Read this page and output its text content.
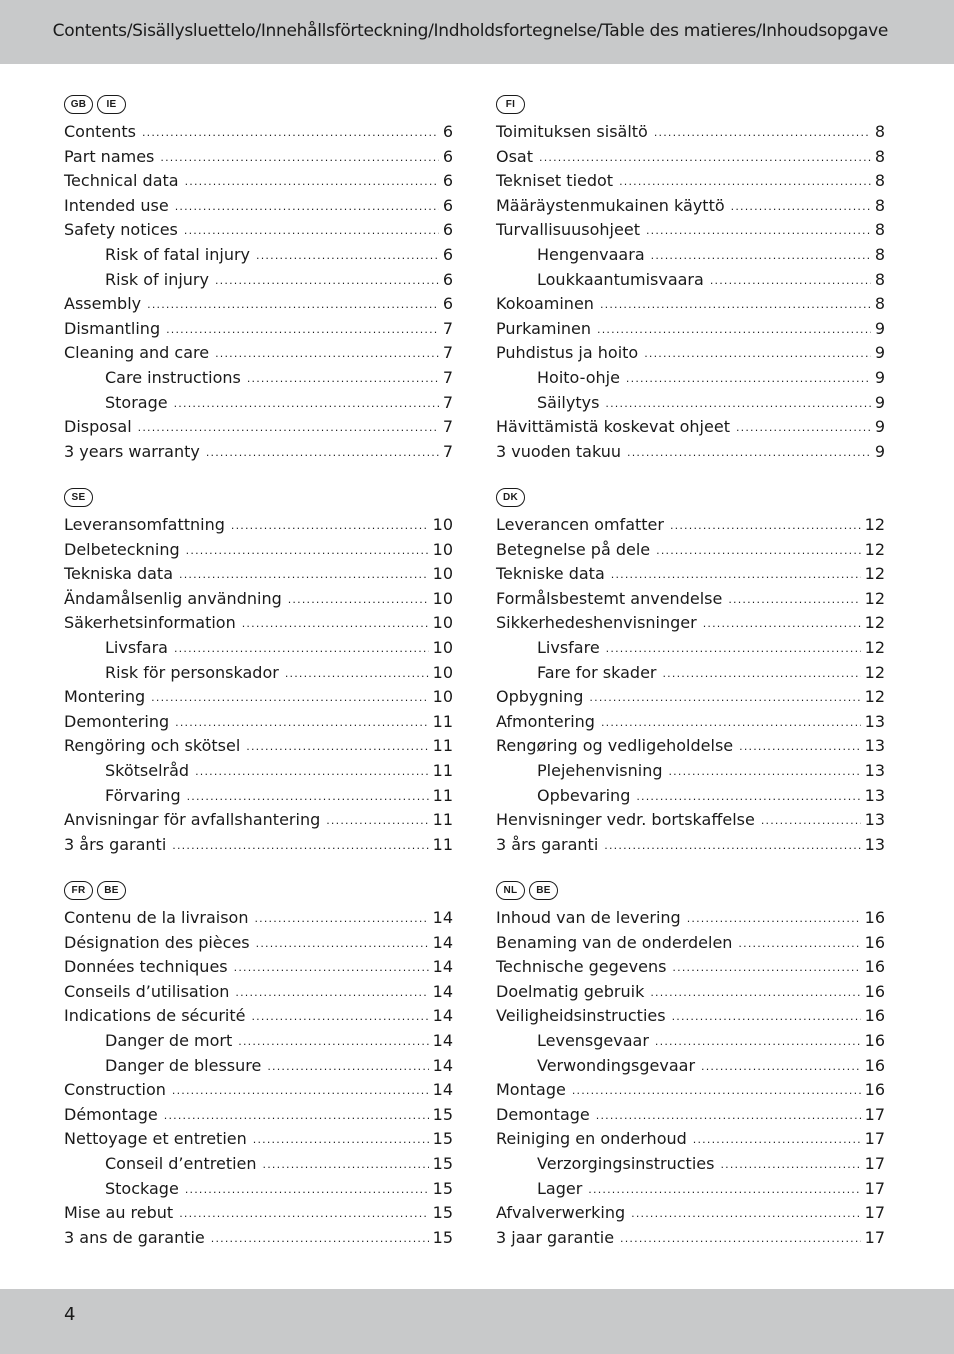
Contents/Sisällysluettelo/Innehållsförteckning/Indholdsfortegnelse/Table des matieres/Inhoudsopgave
GB	IE
Contents .....	6
Part names .....	6
Technical data .....	6
Intended use .....	6
Safety notices .....	6
Risk of fatal injury .....	6
Risk of injury .....	6
Assembly .....	6
Dismantling .....	7
Cleaning and care .....	7
Care instructions .....	7
Storage .....	7
Disposal .....	7
3 years warranty .....	7
FI
Toimituksen sisältö .....	8
Osat .....	8
Tekniset tiedot .....	8
Määräystenmukainen käyttö .....	8
Turvallisuusohjeet .....	8
Hengenvaara .....	8
Loukkaantumisvaara .....	8
Kokoaminen .....	8
Purkaminen .....	9
Puhdistus ja hoito .....	9
Hoito-ohje .....	9
Säilytys .....	9
Hävittämistä koskevat ohjeet .....	9
3 vuoden takuu .....	9
SE
Leveransomfattning .....	10
Delbeteckning .....	10
Tekniska data .....	10
Ändamålsenlig användning .....	10
Säkerhetsinformation .....	10
Livsfara .....	10
Risk för personskador .....	10
Montering .....	10
Demontering .....	11
Rengöring och skötsel .....	11
Skötselråd .....	11
Förvaring .....	11
Anvisningar för avfallshantering .....	11
3 års garanti .....	11
DK
Leverancen omfatter .....	12
Betegnelse på dele .....	12
Tekniske data .....	12
Formålsbestemt anvendelse .....	12
Sikkerhedeshenvisninger .....	12
Livsfare .....	12
Fare for skader .....	12
Opbygning .....	12
Afmontering .....	13
Rengøring og vedligeholdelse .....	13
Plejehenvisning .....	13
Opbevaring .....	13
Henvisninger vedr. bortskaffelse .....	13
3 års garanti .....	13
FR	BE
Contenu de la livraison .....	14
Désignation des pièces .....	14
Données techniques .....	14
Conseils d’utilisation .....	14
Indications de sécurité .....	14
Danger de mort .....	14
Danger de blessure .....	14
Construction .....	14
Démontage .....	15
Nettoyage et entretien .....	15
Conseil d’entretien .....	15
Stockage .....	15
Mise au rebut .....	15
3 ans de garantie .....	15
NL	BE
Inhoud van de levering .....	16
Benaming van de onderdelen .....	16
Technische gegevens .....	16
Doelmatig gebruik .....	16
Veiligheidsinstructies .....	16
Levensgevaar .....	16
Verwondingsgevaar .....	16
Montage .....	16
Demontage .....	17
Reiniging en onderhoud .....	17
Verzorgingsinstructies .....	17
Lager .....	17
Afvalverwerking .....	17
3 jaar garantie .....	17
4
